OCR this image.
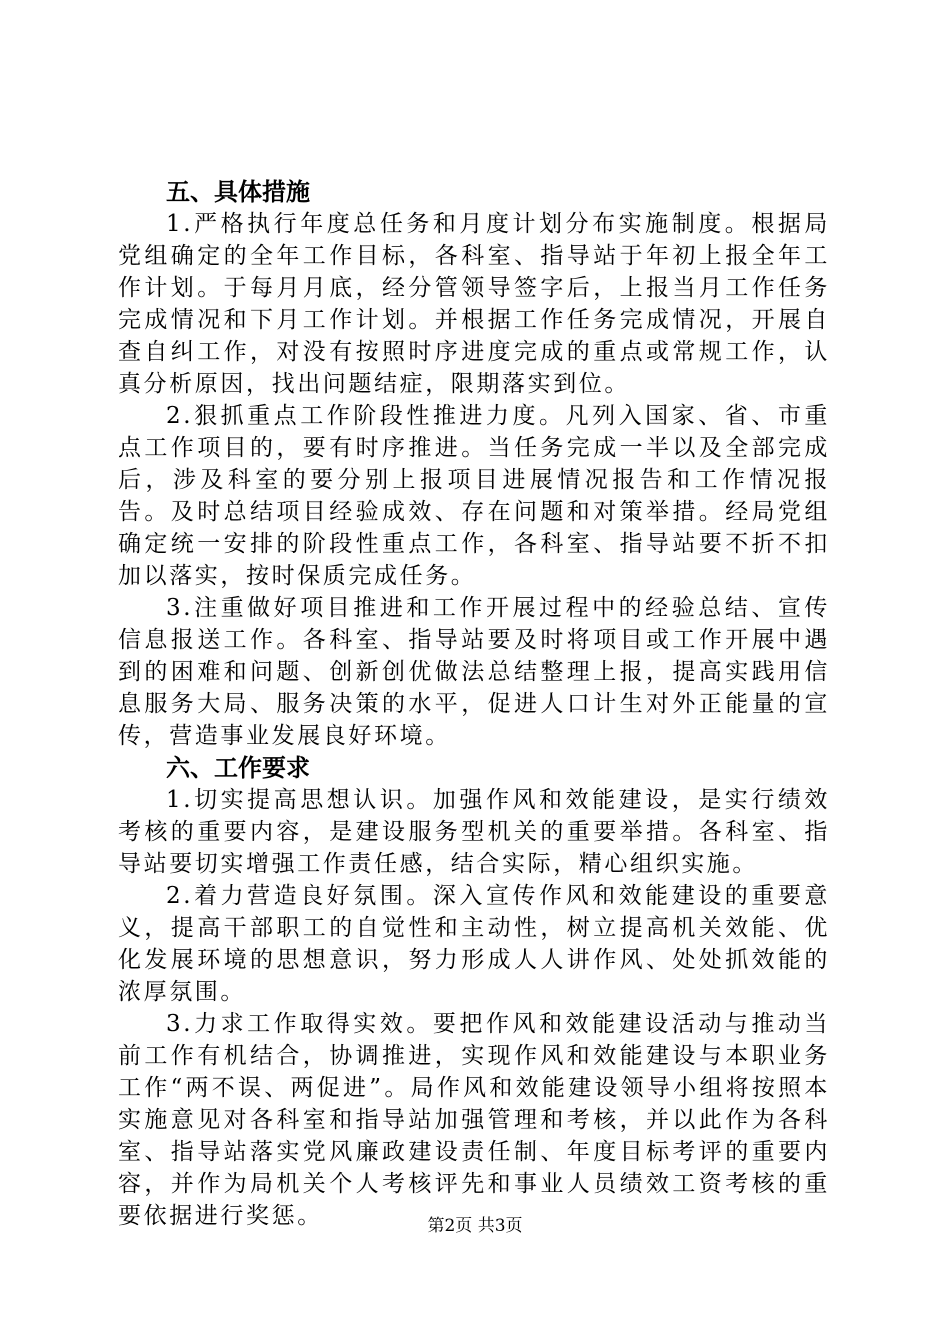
五、具体措施

1.严格执行年度总任务和月度计划分布实施制度。根据局党组确定的全年工作目标，各科室、指导站于年初上报全年工作计划。于每月月底，经分管领导签字后，上报当月工作任务完成情况和下月工作计划。并根据工作任务完成情况，开展自查自纠工作，对没有按照时序进度完成的重点或常规工作，认真分析原因，找出问题结症，限期落实到位。

2.狠抓重点工作阶段性推进力度。凡列入国家、省、市重点工作项目的，要有时序推进。当任务完成一半以及全部完成后，涉及科室的要分别上报项目进展情况报告和工作情况报告。及时总结项目经验成效、存在问题和对策举措。经局党组确定统一安排的阶段性重点工作，各科室、指导站要不折不扣加以落实，按时保质完成任务。

3.注重做好项目推进和工作开展过程中的经验总结、宣传信息报送工作。各科室、指导站要及时将项目或工作开展中遇到的困难和问题、创新创优做法总结整理上报，提高实践用信息服务大局、服务决策的水平，促进人口计生对外正能量的宣传，营造事业发展良好环境。

六、工作要求

1.切实提高思想认识。加强作风和效能建设，是实行绩效考核的重要内容，是建设服务型机关的重要举措。各科室、指导站要切实增强工作责任感，结合实际，精心组织实施。

2.着力营造良好氛围。深入宣传作风和效能建设的重要意义，提高干部职工的自觉性和主动性，树立提高机关效能、优化发展环境的思想意识，努力形成人人讲作风、处处抓效能的浓厚氛围。

3.力求工作取得实效。要把作风和效能建设活动与推动当前工作有机结合，协调推进，实现作风和效能建设与本职业务工作“两不误、两促进”。局作风和效能建设领导小组将按照本实施意见对各科室和指导站加强管理和考核，并以此作为各科室、指导站落实党风廉政建设责任制、年度目标考评的重要内容，并作为局机关个人考核评先和事业人员绩效工资考核的重要依据进行奖惩。	第2页 共3页
